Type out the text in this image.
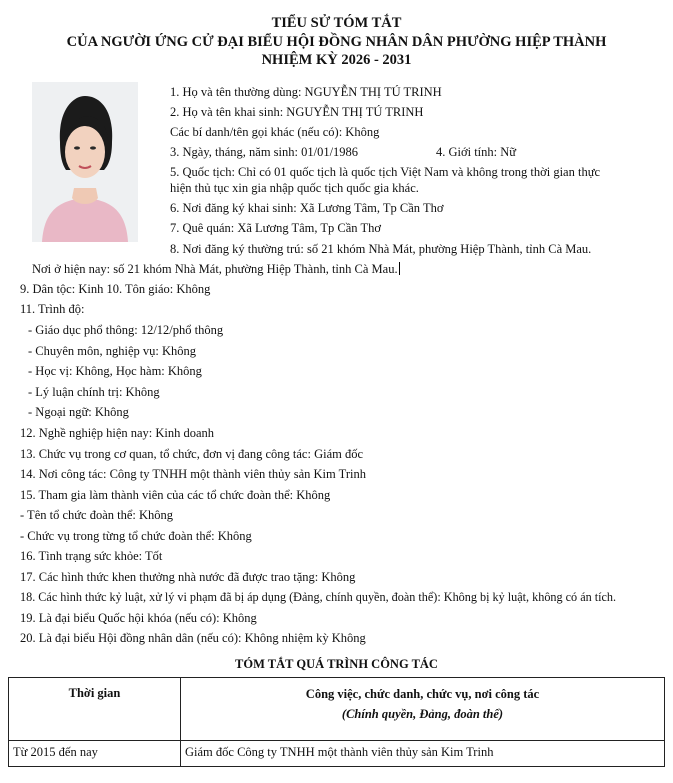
TIỂU SỬ TÓM TẮT
CỦA NGƯỜI ỨNG CỬ ĐẠI BIỂU HỘI ĐỒNG NHÂN DÂN PHƯỜNG HIỆP THÀNH
NHIỆM KỲ 2026 - 2031
1. Họ và tên thường dùng: NGUYỄN THỊ TÚ TRINH
2. Họ và tên khai sinh: NGUYỄN THỊ TÚ TRINH
Các bí danh/tên gọi khác (nếu có): Không
3. Ngày, tháng, năm sinh: 01/01/1986	4. Giới tính: Nữ
5. Quốc tịch: Chỉ có 01 quốc tịch là quốc tịch Việt Nam và không trong thời gian thực
hiện thủ tục xin gia nhập quốc tịch quốc gia khác.
6. Nơi đăng ký khai sinh: Xã Lương Tâm, Tp Cần Thơ
7. Quê quán: Xã Lương Tâm, Tp Cần Thơ
8. Nơi đăng ký thường trú: số 21 khóm Nhà Mát, phường Hiệp Thành, tỉnh Cà Mau.
Nơi ở hiện nay: số 21 khóm Nhà Mát, phường Hiệp Thành, tỉnh Cà Mau.
9. Dân tộc: Kinh 10. Tôn giáo: Không
11. Trình độ:
- Giáo dục phổ thông: 12/12/phổ thông
- Chuyên môn, nghiệp vụ: Không
- Học vị: Không, Học hàm: Không
- Lý luận chính trị: Không
- Ngoại ngữ: Không
12. Nghề nghiệp hiện nay: Kinh doanh
13. Chức vụ trong cơ quan, tổ chức, đơn vị đang công tác: Giám đốc
14. Nơi công tác: Công ty TNHH một thành viên thủy sản Kim Trinh
15. Tham gia làm thành viên của các tổ chức đoàn thể: Không
- Tên tổ chức đoàn thể: Không
- Chức vụ trong từng tổ chức đoàn thể: Không
16. Tình trạng sức khỏe: Tốt
17. Các hình thức khen thưởng nhà nước đã được trao tặng: Không
18. Các hình thức kỷ luật, xử lý vi phạm đã bị áp dụng (Đảng, chính quyền, đoàn thể): Không bị kỷ luật, không có án tích.
19. Là đại biểu Quốc hội khóa (nếu có): Không
20. Là đại biểu Hội đồng nhân dân (nếu có): Không nhiệm kỳ Không
TÓM TẮT QUÁ TRÌNH CÔNG TÁC
Thời gian	Công việc, chức danh, chức vụ, nơi công tác
(Chính quyền, Đảng, đoàn thể)

Từ 2015 đến nay	Giám đốc Công ty TNHH một thành viên thủy sản Kim Trinh
